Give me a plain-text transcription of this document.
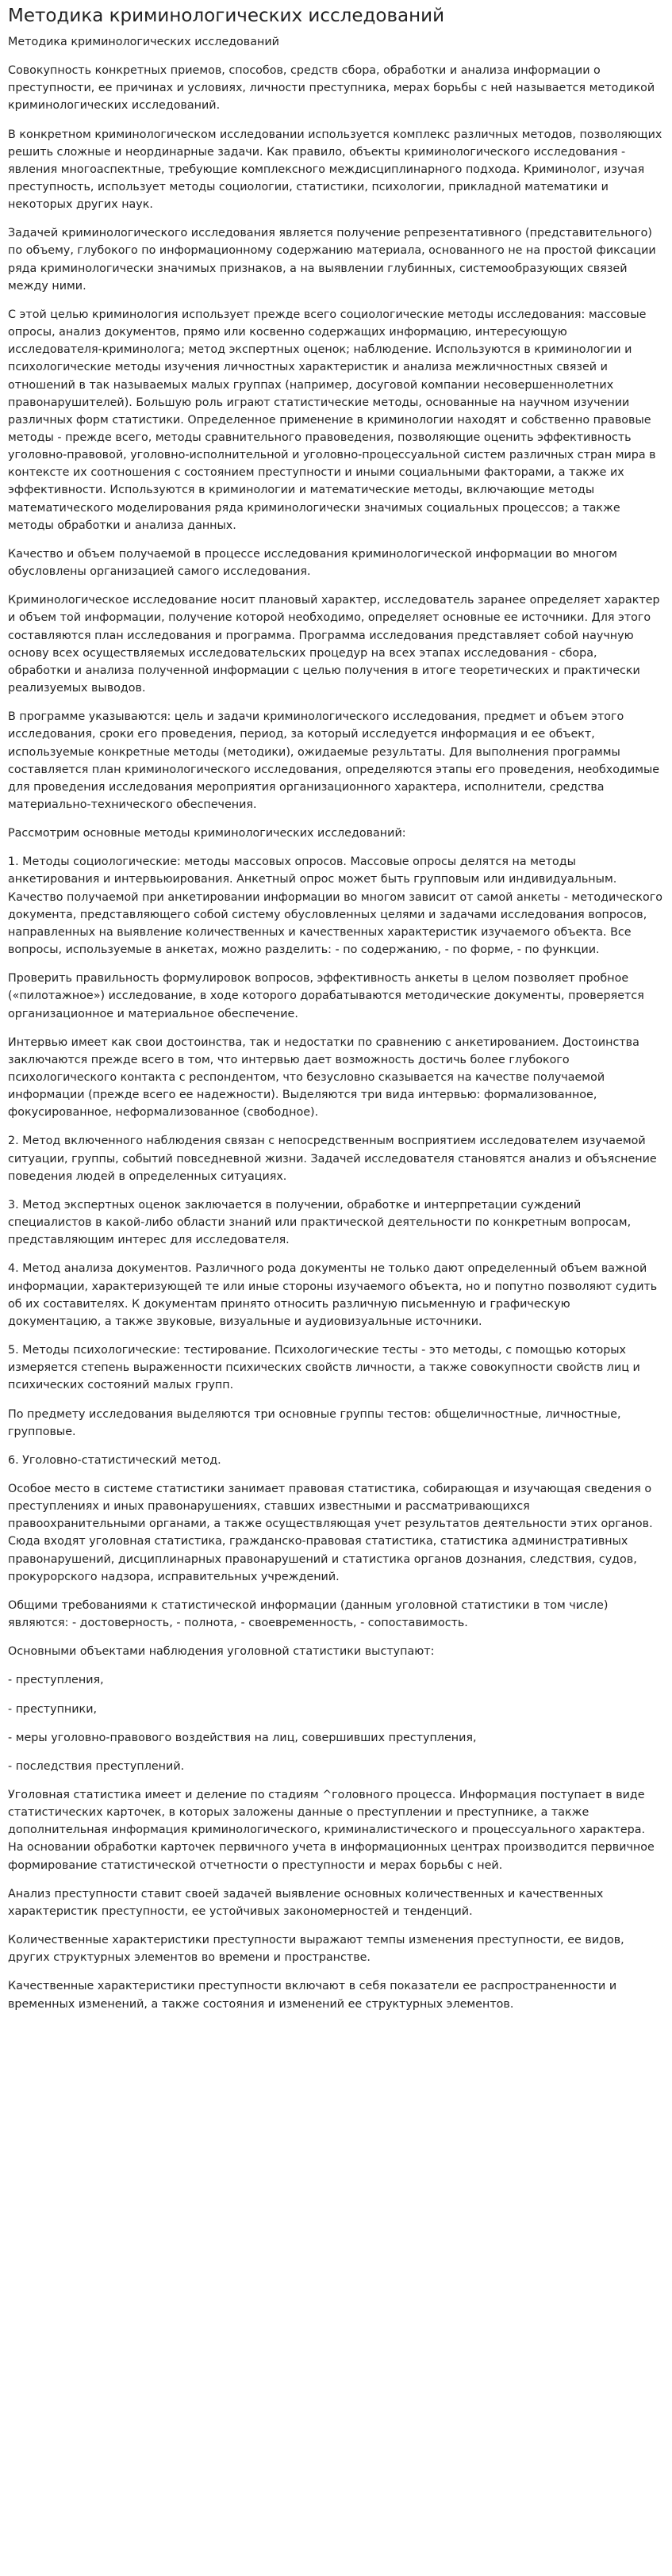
Методика криминологических исследований

Методика криминологических исследований

Совокупность конкретных приемов, способов, средств сбора, обработки и анализа информации о преступности, ее причинах и условиях, личности преступника, мерах борьбы с ней называется методикой криминологических исследований.

В конкретном криминологическом исследовании используется комплекс различных методов, позволяющих решить сложные и неординарные задачи. Как правило, объекты криминологического исследования - явления многоаспектные, требующие комплексного междисциплинарного подхода. Криминолог, изучая преступность, использует методы социологии, статистики, психологии, прикладной математики и некоторых других наук.

Задачей криминологического исследования является получение репрезентативного (представительного) по объему, глубокого по информационному содержанию материала, основанного не на простой фиксации ряда криминологически значимых признаков, а на выявлении глубинных, системообразующих связей между ними.

С этой целью криминология использует прежде всего социологические методы исследования: массовые опросы, анализ документов, прямо или косвенно содержащих информацию, интересующую исследователя-криминолога; метод экспертных оценок; наблюдение. Используются в криминологии и психологические методы изучения личностных характеристик и анализа межличностных связей и отношений в так называемых малых группах (например, досуговой компании несовершеннолетних правонарушителей). Большую роль играют статистические методы, основанные на научном изучении различных форм статистики. Определенное применение в криминологии находят и собственно правовые методы - прежде всего, методы сравнительного правоведения, позволяющие оценить эффективность уголовно-правовой, уголовно-исполнительной и уголовно-процессуальной систем различных стран мира в контексте их соотношения с состоянием преступности и иными социальными факторами, а также их эффективности. Используются в криминологии и математические методы, включающие методы математического моделирования ряда криминологически значимых социальных процессов; а также методы обработки и анализа данных.

Качество и объем получаемой в процессе исследования криминологической информации во многом обусловлены организацией самого исследования.

Криминологическое исследование носит плановый характер, исследователь заранее определяет характер и объем той информации, получение которой необходимо, определяет основные ее источники. Для этого составляются план исследования и программа. Программа исследования представляет собой научную основу всех осуществляемых исследовательских процедур на всех этапах исследования - сбора, обработки и анализа полученной информации с целью получения в итоге теоретических и практически реализуемых выводов.

В программе указываются: цель и задачи криминологического исследования, предмет и объем этого исследования, сроки его проведения, период, за который исследуется информация и ее объект, используемые конкретные методы (методики), ожидаемые результаты. Для выполнения программы составляется план криминологического исследования, определяются этапы его проведения, необходимые для проведения исследования мероприятия организационного характера, исполнители, средства материально-технического обеспечения.

Рассмотрим основные методы криминологических исследований:

1. Методы социологические: методы массовых опросов. Массовые опросы делятся на методы анкетирования и интервьюирования. Анкетный опрос может быть групповым или индивидуальным. Качество получаемой при анкетировании информации во многом зависит от самой анкеты - методического документа, представляющего собой систему обусловленных целями и задачами исследования вопросов, направленных на выявление количественных и качественных характеристик изучаемого объекта. Все вопросы, используемые в анкетах, можно разделить: - по содержанию, - по форме, - по функции.

Проверить правильность формулировок вопросов, эффективность анкеты в целом позволяет пробное («пилотажное») исследование, в ходе которого дорабатываются методические документы, проверяется организационное и материальное обеспечение.

Интервью имеет как свои достоинства, так и недостатки по сравнению с анкетированием. Достоинства заключаются прежде всего в том, что интервью дает возможность достичь более глубокого психологического контакта с респондентом, что безусловно сказывается на качестве получаемой информации (прежде всего ее надежности). Выделяются три вида интервью: формализованное, фокусированное, неформализованное (свободное).

2. Метод включенного наблюдения связан с непосредственным восприятием исследователем изучаемой ситуации, группы, событий повседневной жизни. Задачей исследователя становятся анализ и объяснение поведения людей в определенных ситуациях.

3. Метод экспертных оценок заключается в получении, обработке и интерпретации суждений специалистов в какой-либо области знаний или практической деятельности по конкретным вопросам, представляющим интерес для исследователя.

4. Метод анализа документов. Различного рода документы не только дают определенный объем важной информации, характеризующей те или иные стороны изучаемого объекта, но и попутно позволяют судить об их составителях. К документам принято относить различную письменную и графическую документацию, а также звуковые, визуальные и аудиовизуальные источники.

5. Методы психологические: тестирование. Психологические тесты - это методы, с помощью которых измеряется степень выраженности психических свойств личности, а также совокупности свойств лиц и психических состояний малых групп.

По предмету исследования выделяются три основные группы тестов: общеличностные, личностные, групповые.

6. Уголовно-статистический метод.

Особое место в системе статистики занимает правовая статистика, собирающая и изучающая сведения о преступлениях и иных правонарушениях, ставших известными и рассматривающихся правоохранительными органами, а также осуществляющая учет результатов деятельности этих органов. Сюда входят уголовная статистика, гражданско-правовая статистика, статистика административных правонарушений, дисциплинарных правонарушений и статистика органов дознания, следствия, судов, прокурорского надзора, исправительных учреждений.

Общими требованиями к статистической информации (данным уголовной статистики в том числе) являются: - достоверность, - полнота, - своевременность, - сопоставимость.

Основными объектами наблюдения уголовной статистики выступают:

- преступления,

- преступники,

- меры уголовно-правового воздействия на лиц, совершивших преступления,

- последствия преступлений.

Уголовная статистика имеет и деление по стадиям ^головного процесса. Информация поступает в виде статистических карточек, в которых заложены данные о преступлении и преступнике, а также дополнительная информация криминологического, криминалистического и процессуального характера. На основании обработки карточек первичного учета в информационных центрах производится первичное формирование статистической отчетности о преступности и мерах борьбы с ней.

Анализ преступности ставит своей задачей выявление основных количественных и качественных характеристик преступности, ее устойчивых закономерностей и тенденций.

Количественные характеристики преступности выражают темпы изменения преступности, ее видов, других структурных элементов во времени и пространстве.

Качественные характеристики преступности включают в себя показатели ее распространенности и временных изменений, а также состояния и изменений ее структурных элементов.
